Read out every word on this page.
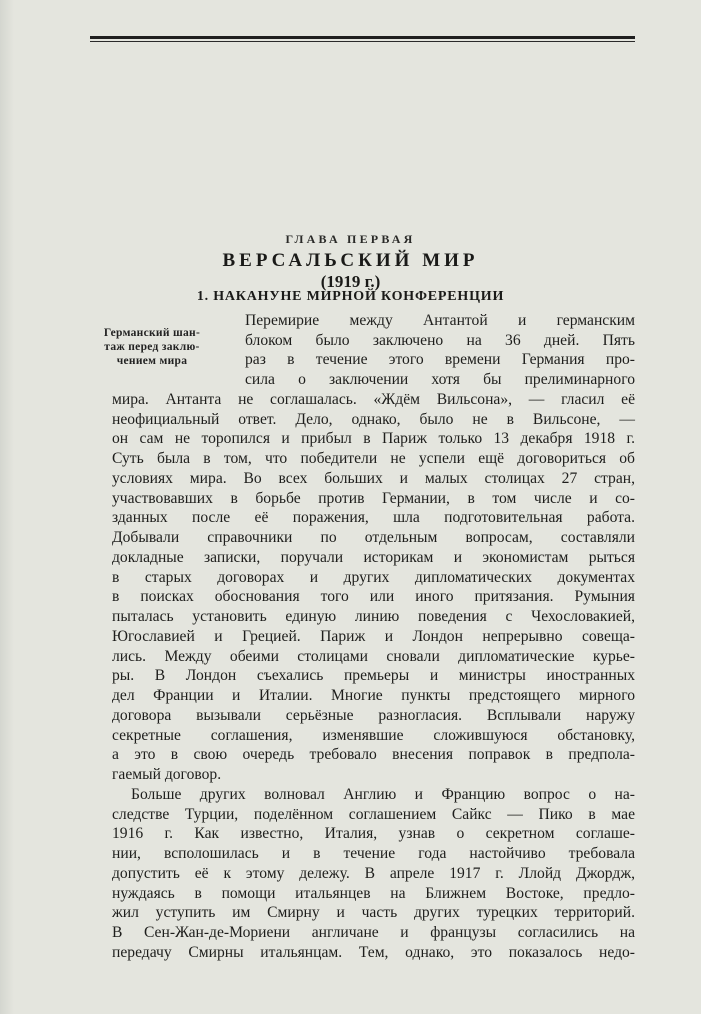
ГЛАВА ПЕРВАЯ
ВЕРСАЛЬСКИЙ МИР
(1919 г.)
1. НАКАНУНЕ МИРНОЙ КОНФЕРЕНЦИИ
Германский шан-
таж перед заклю-
чением мира
Перемирие между Антантой и германским
блоком было заключено на 36 дней. Пять
раз в течение этого времени Германия про-
сила о заключении хотя бы прелиминарного
мира. Антанта не соглашалась. «Ждём Вильсона», — гласил её
неофициальный ответ. Дело, однако, было не в Вильсоне, —
он сам не торопился и прибыл в Париж только 13 декабря 1918 г.
Суть была в том, что победители не успели ещё договориться об
условиях мира. Во всех больших и малых столицах 27 стран,
участвовавших в борьбе против Германии, в том числе и со-
зданных после её поражения, шла подготовительная работа.
Добывали справочники по отдельным вопросам, составляли
докладные записки, поручали историкам и экономистам рыться
в старых договорах и других дипломатических документах
в поисках обоснования того или иного притязания. Румыния
пыталась установить единую линию поведения с Чехословакией,
Югославией и Грецией. Париж и Лондон непрерывно совеща-
лись. Между обеими столицами сновали дипломатические курье-
ры. В Лондон съехались премьеры и министры иностранных
дел Франции и Италии. Многие пункты предстоящего мирного
договора вызывали серьёзные разногласия. Всплывали наружу
секретные соглашения, изменявшие сложившуюся обстановку,
а это в свою очередь требовало внесения поправок в предпола-
гаемый договор.
Больше других волновал Англию и Францию вопрос о на-
следстве Турции, поделённом соглашением Сайкс — Пико в мае
1916 г. Как известно, Италия, узнав о секретном соглаше-
нии, всполошилась и в течение года настойчиво требовала
допустить её к этому дележу. В апреле 1917 г. Ллойд Джордж,
нуждаясь в помощи итальянцев на Ближнем Востоке, предло-
жил уступить им Смирну и часть других турецких территорий.
В Сен-Жан-де-Мориени англичане и французы согласились на
передачу Смирны итальянцам. Тем, однако, это показалось недо-
